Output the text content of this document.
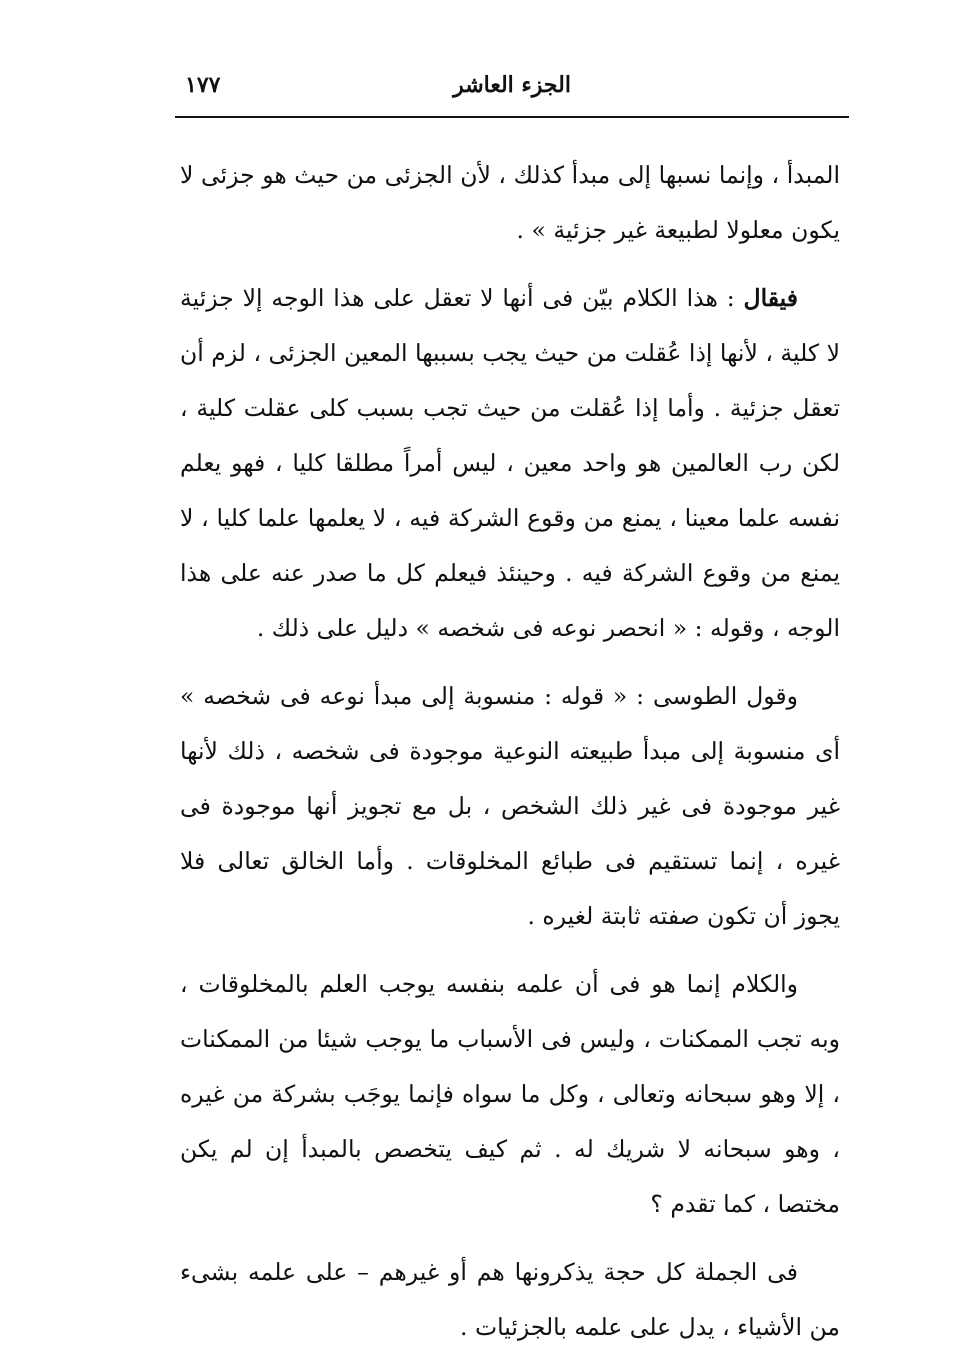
الجزء العاشر
١٧٧

المبدأ ، وإنما نسبها إلى مبدأ كذلك ، لأن الجزئى من حيث هو جزئى لا يكون معلولا لطبيعة غير جزئية » .

فيقال : هذا الكلام بيّن فى أنها لا تعقل على هذا الوجه إلا جزئية لا كلية ، لأنها إذا عُقلت من حيث يجب بسببها المعين الجزئى ، لزم أن تعقل جزئية . وأما إذا عُقلت من حيث تجب بسبب كلى عقلت كلية ، لكن رب العالمين هو واحد معين ، ليس أمراً مطلقا كليا ، فهو يعلم نفسه علما معينا ، يمنع من وقوع الشركة فيه ، لا يعلمها علما كليا ، لا يمنع من وقوع الشركة فيه . وحينئذ فيعلم كل ما صدر عنه على هذا الوجه ، وقوله : « انحصر نوعه فى شخصه » دليل على ذلك .

وقول الطوسى : « قوله : منسوبة إلى مبدأ نوعه فى شخصه » أى منسوبة إلى مبدأ طبيعته النوعية موجودة فى شخصه ، ذلك لأنها غير موجودة فى غير ذلك الشخص ، بل مع تجويز أنها موجودة فى غيره ، إنما تستقيم فى طبائع المخلوقات . وأما الخالق تعالى فلا يجوز أن تكون صفته ثابتة لغيره .

والكلام إنما هو فى أن علمه بنفسه يوجب العلم بالمخلوقات ، وبه تجب الممكنات ، وليس فى الأسباب ما يوجب شيئا من الممكنات ، إلا وهو سبحانه وتعالى ، وكل ما سواه فإنما يوجَب بشركة من غيره ، وهو سبحانه لا شريك له . ثم كيف يتخصص بالمبدأ إن لم يكن مختصا ، كما تقدم ؟

فى الجملة كل حجة يذكرونها هم أو غيرهم – على علمه بشىء من الأشياء ، يدل على علمه بالجزئيات .
